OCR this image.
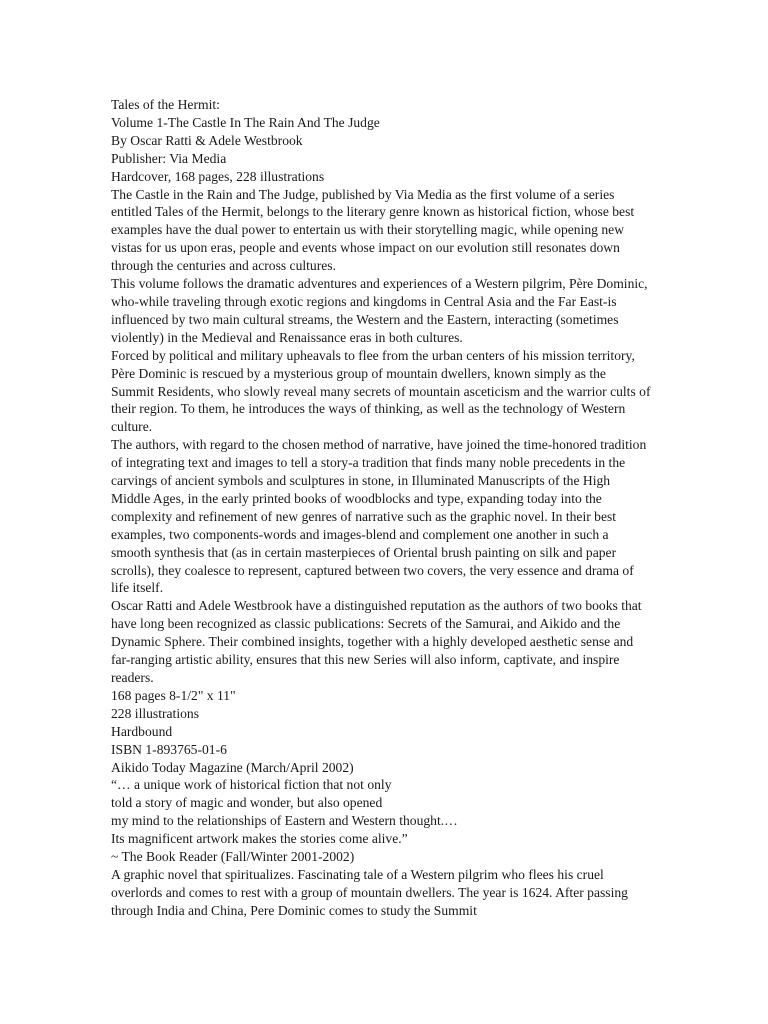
Tales of the Hermit:
Volume 1-The Castle In The Rain And The Judge
By Oscar Ratti & Adele Westbrook
Publisher: Via Media
Hardcover, 168 pages, 228 illustrations
The Castle in the Rain and The Judge, published by Via Media as the first volume of a series entitled Tales of the Hermit, belongs to the literary genre known as historical fiction, whose best examples have the dual power to entertain us with their storytelling magic, while opening new vistas for us upon eras, people and events whose impact on our evolution still resonates down through the centuries and across cultures.
This volume follows the dramatic adventures and experiences of a Western pilgrim, Père Dominic, who-while traveling through exotic regions and kingdoms in Central Asia and the Far East-is influenced by two main cultural streams, the Western and the Eastern, interacting (sometimes violently) in the Medieval and Renaissance eras in both cultures.
Forced by political and military upheavals to flee from the urban centers of his mission territory, Père Dominic is rescued by a mysterious group of mountain dwellers, known simply as the Summit Residents, who slowly reveal many secrets of mountain asceticism and the warrior cults of their region. To them, he introduces the ways of thinking, as well as the technology of Western culture.
The authors, with regard to the chosen method of narrative, have joined the time-honored tradition of integrating text and images to tell a story-a tradition that finds many noble precedents in the carvings of ancient symbols and sculptures in stone, in Illuminated Manuscripts of the High Middle Ages, in the early printed books of woodblocks and type, expanding today into the complexity and refinement of new genres of narrative such as the graphic novel. In their best examples, two components-words and images-blend and complement one another in such a smooth synthesis that (as in certain masterpieces of Oriental brush painting on silk and paper scrolls), they coalesce to represent, captured between two covers, the very essence and drama of life itself.
Oscar Ratti and Adele Westbrook have a distinguished reputation as the authors of two books that have long been recognized as classic publications: Secrets of the Samurai, and Aikido and the Dynamic Sphere. Their combined insights, together with a highly developed aesthetic sense and far-ranging artistic ability, ensures that this new Series will also inform, captivate, and inspire readers.
168 pages 8-1/2" x 11"
228 illustrations
Hardbound
ISBN 1-893765-01-6
Aikido Today Magazine (March/April 2002)
“… a unique work of historical fiction that not only
told a story of magic and wonder, but also opened
my mind to the relationships of Eastern and Western thought.…
Its magnificent artwork makes the stories come alive.”
~ The Book Reader (Fall/Winter 2001-2002)
A graphic novel that spiritualizes. Fascinating tale of a Western pilgrim who flees his cruel overlords and comes to rest with a group of mountain dwellers. The year is 1624. After passing through India and China, Pere Dominic comes to study the Summit
